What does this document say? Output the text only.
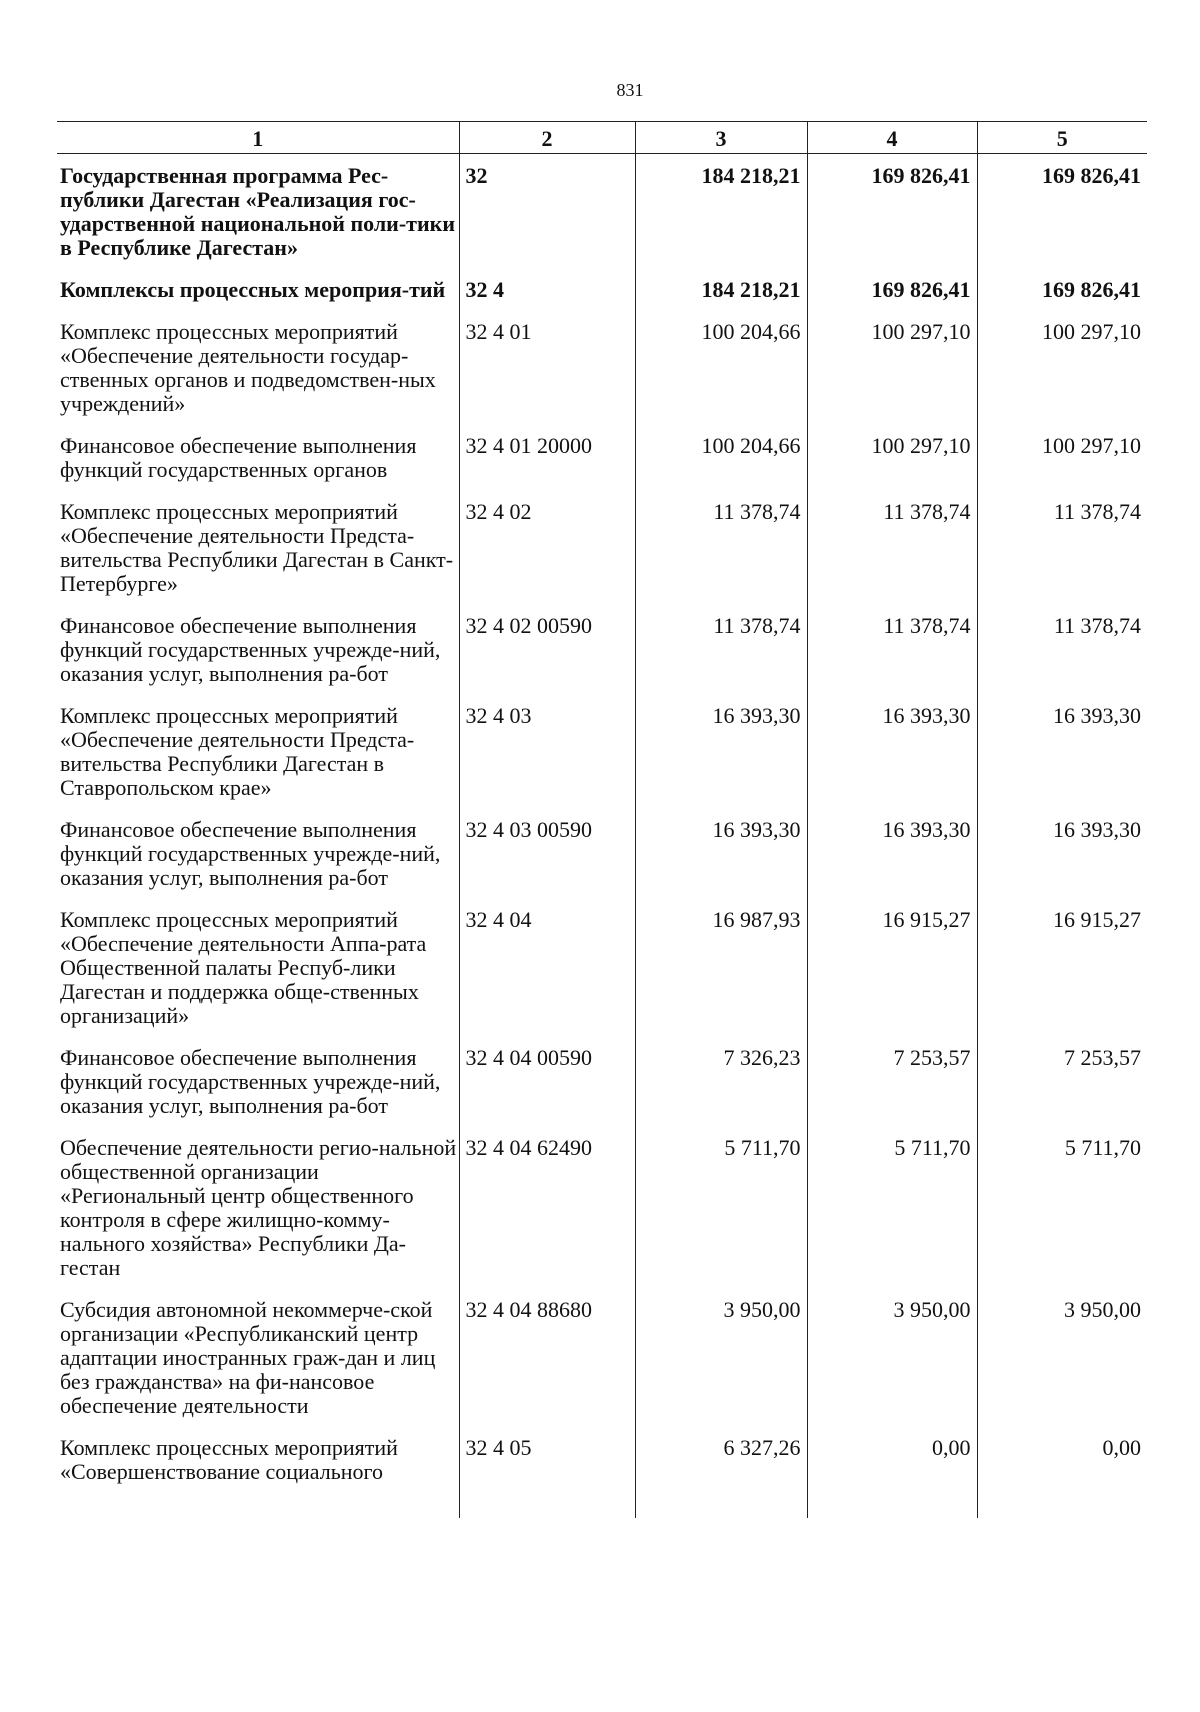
831
1	2	3	4	5
Государственная программа Рес-публики Дагестан «Реализация гос-ударственной национальной поли-тики в Республике Дагестан»	32	184 218,21	169 826,41	169 826,41
Комплексы процессных мероприя-тий	32 4	184 218,21	169 826,41	169 826,41
Комплекс процессных мероприятий «Обеспечение деятельности государ-ственных органов и подведомствен-ных учреждений»	32 4 01	100 204,66	100 297,10	100 297,10
Финансовое обеспечение выполнения функций государственных органов	32 4 01 20000	100 204,66	100 297,10	100 297,10
Комплекс процессных мероприятий «Обеспечение деятельности Предста-вительства Республики Дагестан в Санкт-Петербурге»	32 4 02	11 378,74	11 378,74	11 378,74
Финансовое обеспечение выполнения функций государственных учрежде-ний, оказания услуг, выполнения ра-бот	32 4 02 00590	11 378,74	11 378,74	11 378,74
Комплекс процессных мероприятий «Обеспечение деятельности Предста-вительства Республики Дагестан в Ставропольском крае»	32 4 03	16 393,30	16 393,30	16 393,30
Финансовое обеспечение выполнения функций государственных учрежде-ний, оказания услуг, выполнения ра-бот	32 4 03 00590	16 393,30	16 393,30	16 393,30
Комплекс процессных мероприятий «Обеспечение деятельности Аппа-рата Общественной палаты Респуб-лики Дагестан и поддержка обще-ственных организаций»	32 4 04	16 987,93	16 915,27	16 915,27
Финансовое обеспечение выполнения функций государственных учрежде-ний, оказания услуг, выполнения ра-бот	32 4 04 00590	7 326,23	7 253,57	7 253,57
Обеспечение деятельности регио-нальной общественной организации «Региональный центр общественного контроля в сфере жилищно-комму-нального хозяйства» Республики Да-гестан	32 4 04 62490	5 711,70	5 711,70	5 711,70
Субсидия автономной некоммерче-ской организации «Республиканский центр адаптации иностранных граж-дан и лиц без гражданства» на фи-нансовое обеспечение деятельности	32 4 04 88680	3 950,00	3 950,00	3 950,00
Комплекс процессных мероприятий «Совершенствование социального	32 4 05	6 327,26	0,00	0,00
